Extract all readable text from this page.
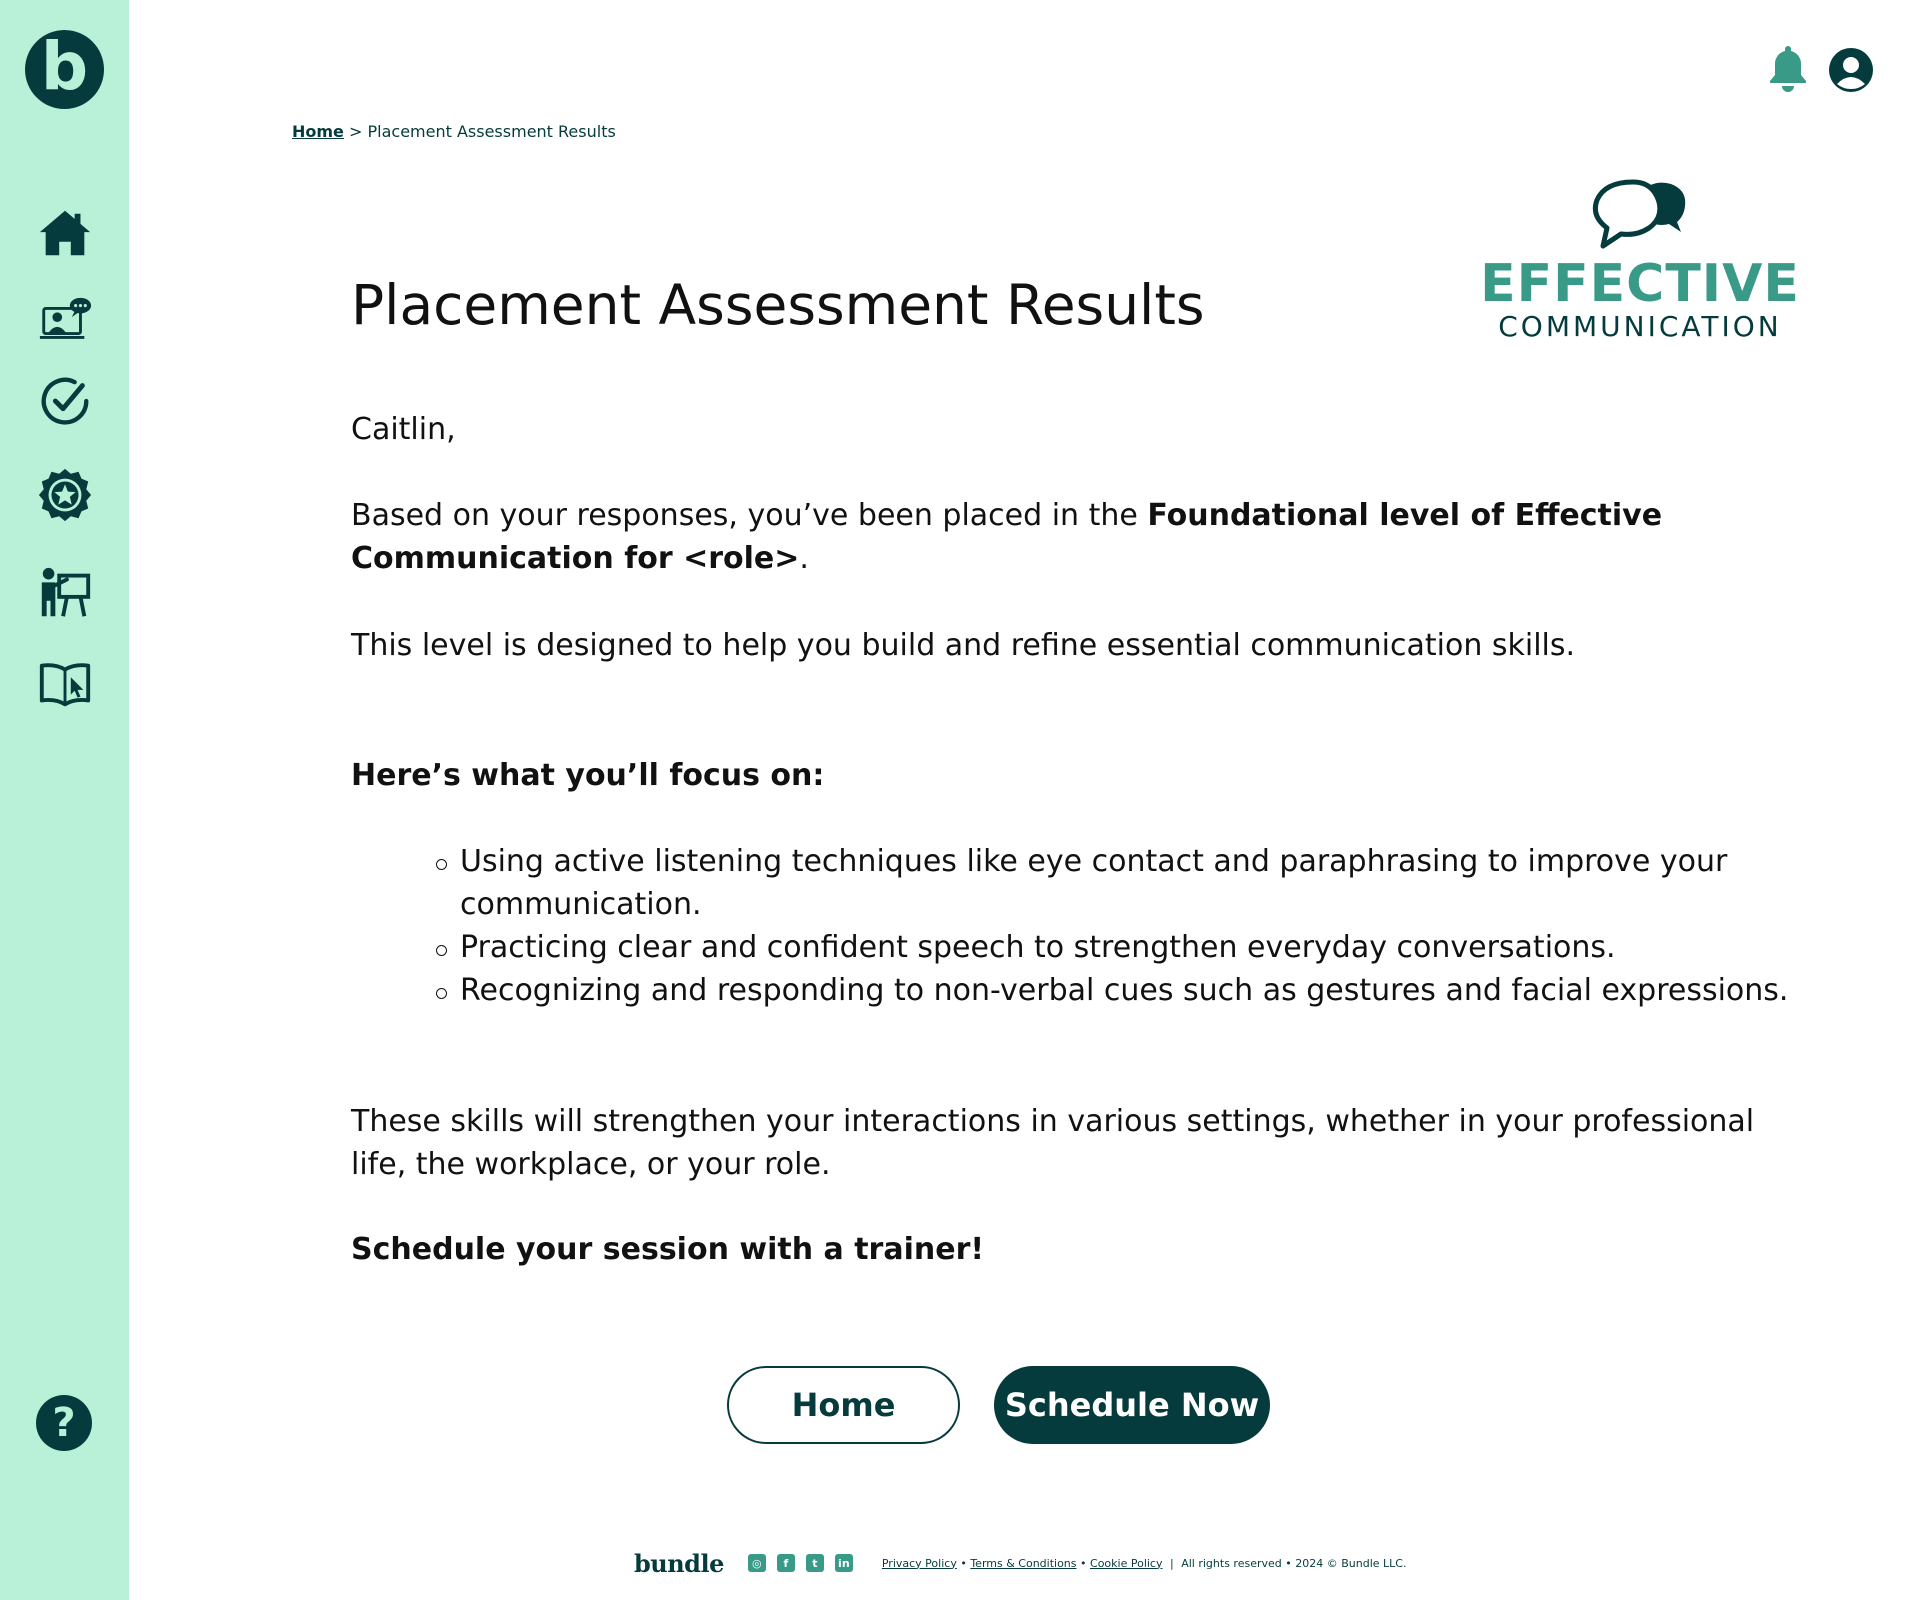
b
?
Home > Placement Assessment Results
EFFECTIVE
COMMUNICATION
Placement Assessment Results
Caitlin,
Based on your responses, you’ve been placed in the Foundational level of Effective Communication for <role>.
This level is designed to help you build and refine essential communication skills.
Here’s what you’ll focus on:
Using active listening techniques like eye contact and paraphrasing to improve your communication.
Practicing clear and confident speech to strengthen everyday conversations.
Recognizing and responding to non-verbal cues such as gestures and facial expressions.
These skills will strengthen your interactions in various settings, whether in your professional life, the workplace, or your role.
Schedule your session with a trainer!
Home	Schedule Now
bundle	◎	f	t	in	Privacy Policy • Terms & Conditions • Cookie Policy | All rights reserved • 2024 © Bundle LLC.
